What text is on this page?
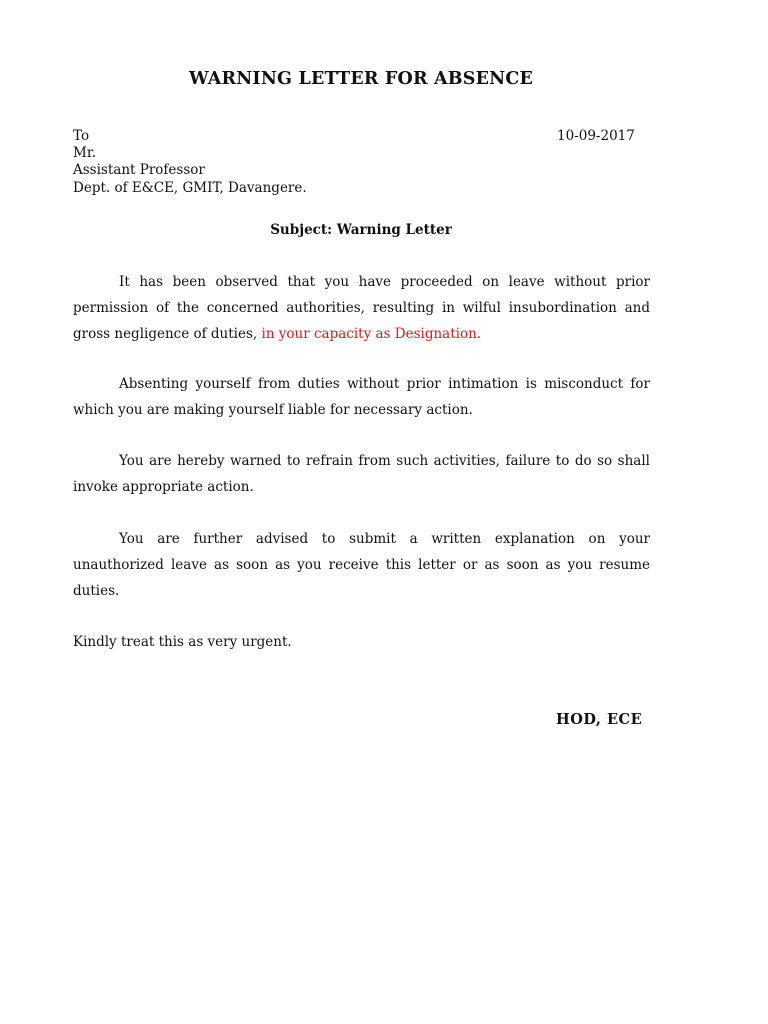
WARNING LETTER FOR ABSENCE
To
Mr.
Assistant Professor
Dept. of E&CE, GMIT, Davangere.
10-09-2017
Subject: Warning Letter
It has been observed that you have proceeded on leave without prior permission of the concerned authorities, resulting in wilful insubordination and gross negligence of duties, in your capacity as Designation.
Absenting yourself from duties without prior intimation is misconduct for which you are making yourself liable for necessary action.
You are hereby warned to refrain from such activities, failure to do so shall invoke appropriate action.
You are further advised to submit a written explanation on your unauthorized leave as soon as you receive this letter or as soon as you resume duties.
Kindly treat this as very urgent.
HOD, ECE
